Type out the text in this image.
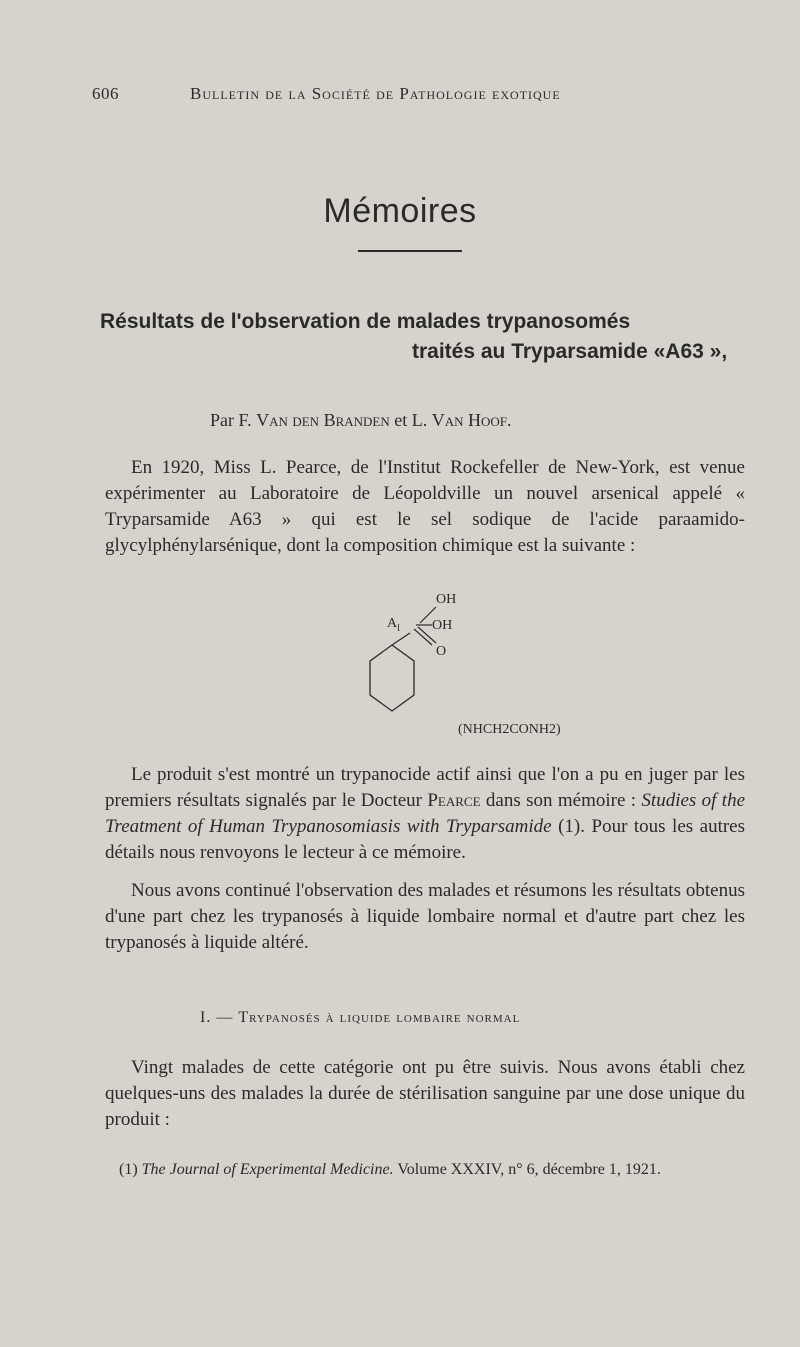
606	Bulletin de la Société de Pathologie exotique
Mémoires
Résultats de l'observation de malades trypanosomés
traités au Tryparsamide «A63 »,
Par F. Van den Branden et L. Van Hoof.

En 1920, Miss L. Pearce, de l'Institut Rockefeller de New-York, est venue expérimenter au Laboratoire de Léopoldville un nouvel arsenical appelé « Tryparsamide A63 » qui est le sel sodique de l'acide paraamido-glycylphénylarsénique, dont la composition chimique est la suivante :

OH
A I OH
O
(NHCH2CONH2)

Le produit s'est montré un trypanocide actif ainsi que l'on a pu en juger par les premiers résultats signalés par le Docteur Pearce dans son mémoire : Studies of the Treatment of Human Trypanosomiasis with Tryparsamide (1). Pour tous les autres détails nous renvoyons le lecteur à ce mémoire.

Nous avons continué l'observation des malades et résumons les résultats obtenus d'une part chez les trypanosés à liquide lombaire normal et d'autre part chez les trypanosés à liquide altéré.

I. — Trypanosés à liquide lombaire normal

Vingt malades de cette catégorie ont pu être suivis. Nous avons établi chez quelques-uns des malades la durée de stérilisation sanguine par une dose unique du produit :

(1) The Journal of Experimental Medicine. Volume XXXIV, n° 6, décembre 1, 1921.
